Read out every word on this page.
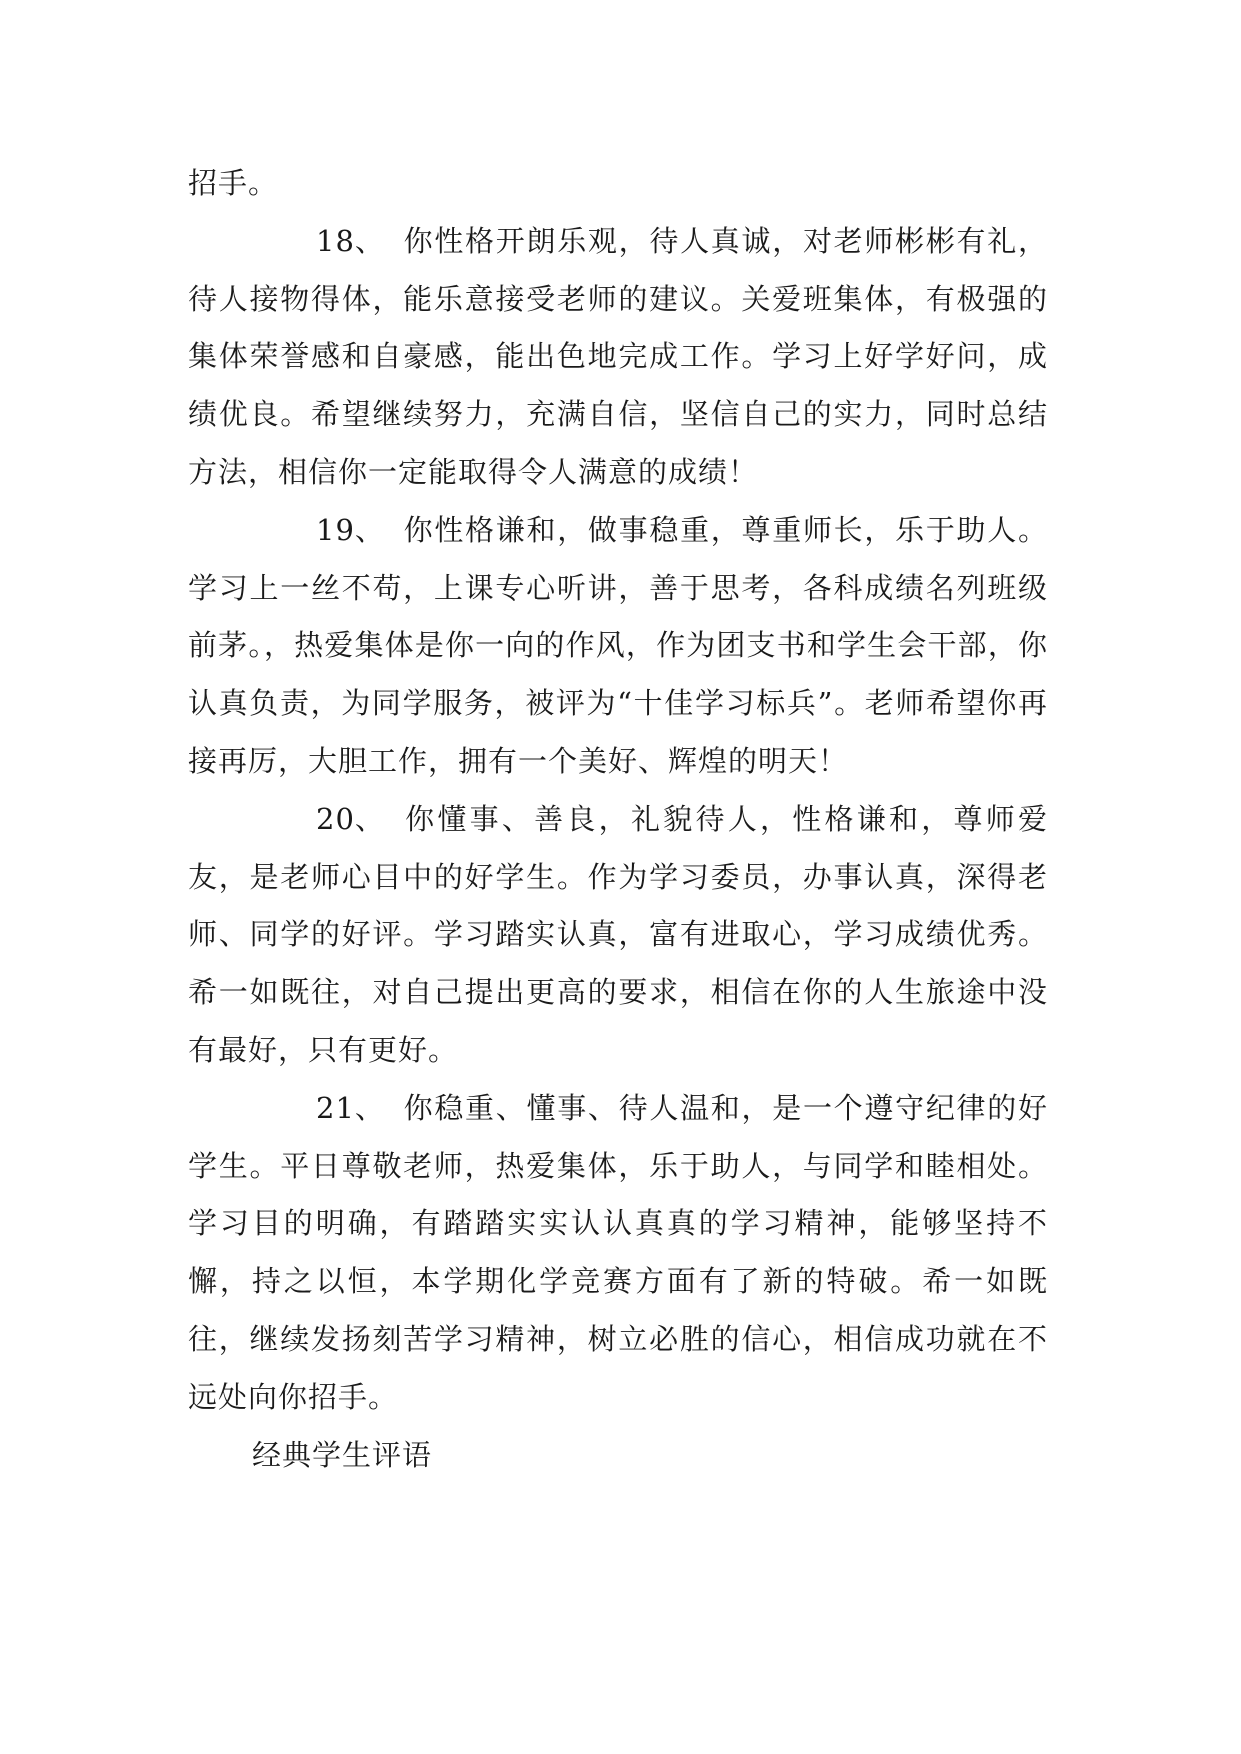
招手。

18、 你性格开朗乐观，待人真诚，对老师彬彬有礼，待人接物得体，能乐意接受老师的建议。关爱班集体，有极强的集体荣誉感和自豪感，能出色地完成工作。学习上好学好问，成绩优良。希望继续努力，充满自信，坚信自己的实力，同时总结方法，相信你一定能取得令人满意的成绩！

19、 你性格谦和，做事稳重，尊重师长，乐于助人。学习上一丝不苟，上课专心听讲，善于思考，各科成绩名列班级前茅。，热爱集体是你一向的作风，作为团支书和学生会干部，你认真负责，为同学服务，被评为“十佳学习标兵”。老师希望你再接再厉，大胆工作，拥有一个美好、辉煌的明天！

20、 你懂事、善良，礼貌待人，性格谦和，尊师爱友，是老师心目中的好学生。作为学习委员，办事认真，深得老师、同学的好评。学习踏实认真，富有进取心，学习成绩优秀。希一如既往，对自己提出更高的要求，相信在你的人生旅途中没有最好，只有更好。

21、 你稳重、懂事、待人温和，是一个遵守纪律的好学生。平日尊敬老师，热爱集体，乐于助人，与同学和睦相处。学习目的明确，有踏踏实实认认真真的学习精神，能够坚持不懈，持之以恒，本学期化学竞赛方面有了新的特破。希一如既往，继续发扬刻苦学习精神，树立必胜的信心，相信成功就在不远处向你招手。

经典学生评语
